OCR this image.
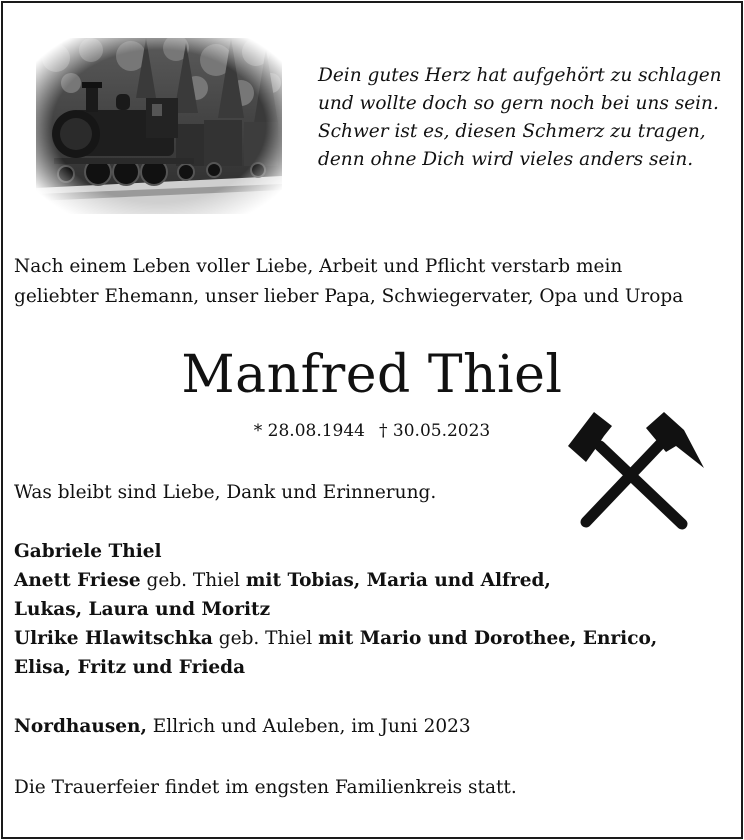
Dein gutes Herz hat aufgehört zu schlagen
und wollte doch so gern noch bei uns sein.
Schwer ist es, diesen Schmerz zu tragen,
denn ohne Dich wird vieles anders sein.

Nach einem Leben voller Liebe, Arbeit und Pflicht verstarb mein
geliebter Ehemann, unser lieber Papa, Schwiegervater, Opa und Uropa

Manfred Thiel
* 28.08.1944 † 30.05.2023

Was bleibt sind Liebe, Dank und Erinnerung.

Gabriele Thiel
Anett Friese geb. Thiel mit Tobias, Maria und Alfred,
Lukas, Laura und Moritz
Ulrike Hlawitschka geb. Thiel mit Mario und Dorothee, Enrico,
Elisa, Fritz und Frieda

Nordhausen, Ellrich und Auleben, im Juni 2023

Die Trauerfeier findet im engsten Familienkreis statt.
